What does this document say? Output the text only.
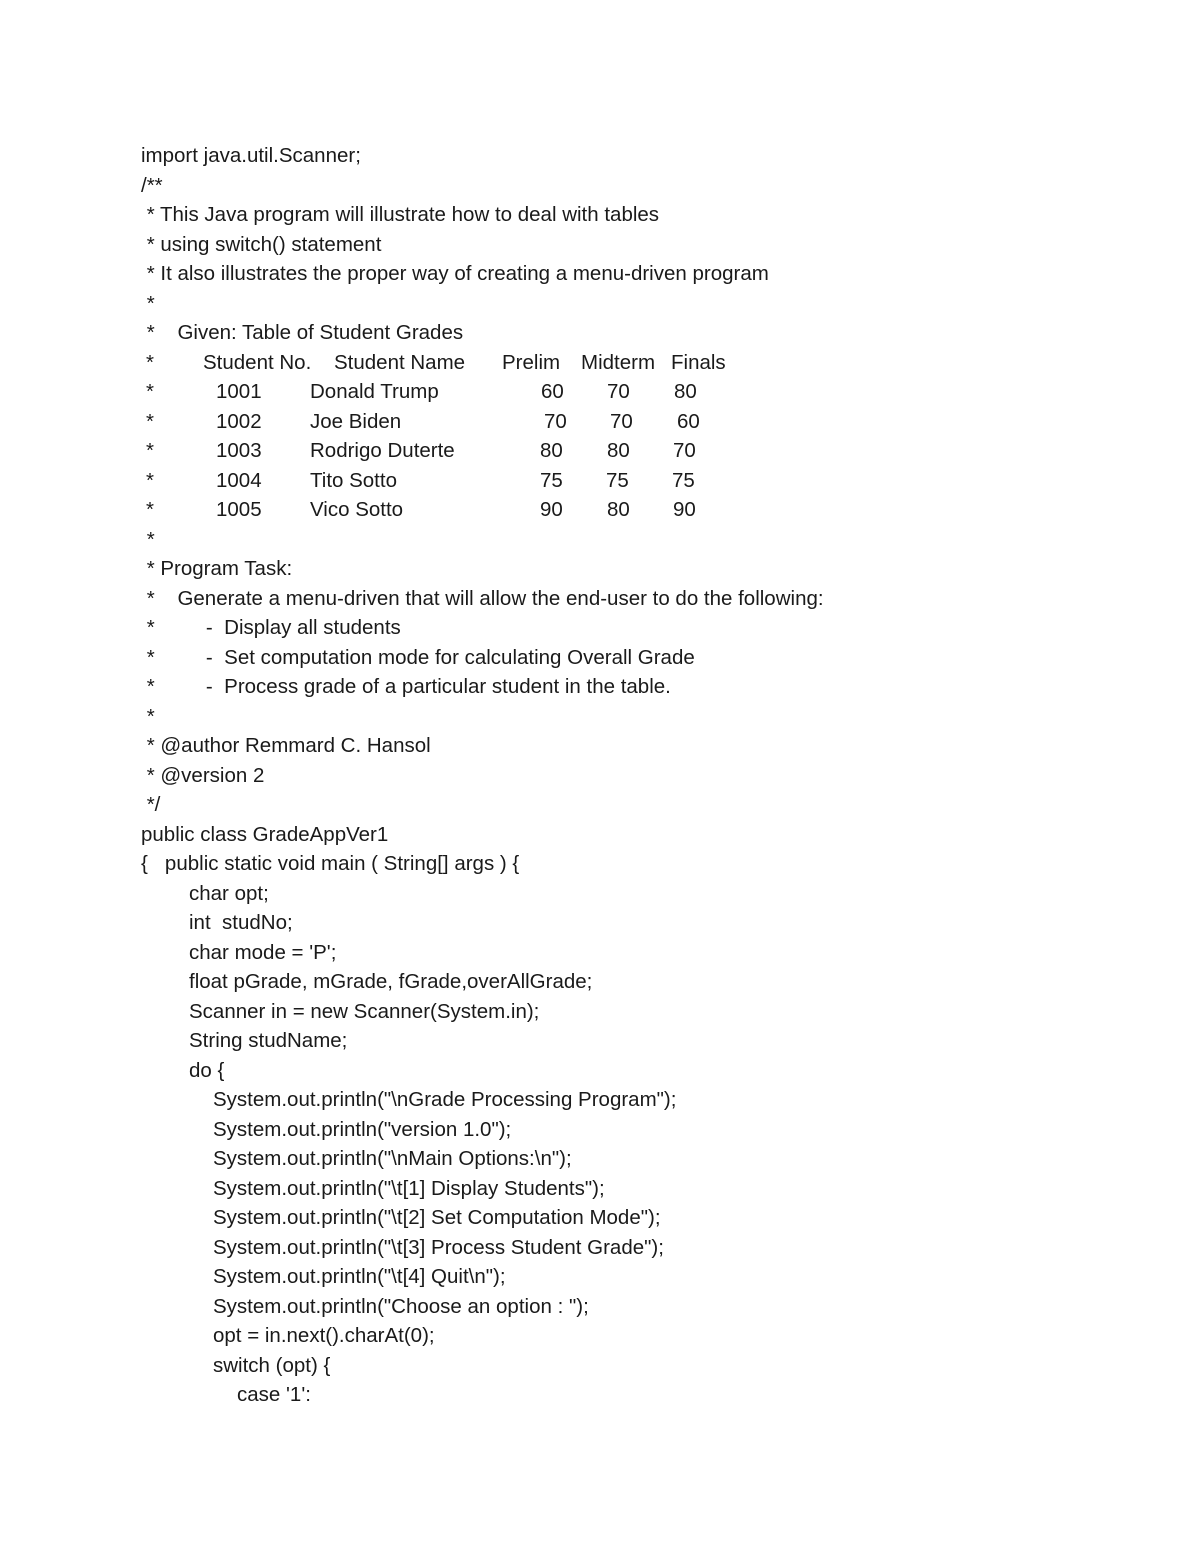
import java.util.Scanner;
/**
* This Java program will illustrate how to deal with tables
* using switch() statement
* It also illustrates the proper way of creating a menu-driven program
*
*    Given: Table of Student Grades
* Student No. Student Name Prelim Midterm Finals
*	1001 Donald Trump	60 70 80
*	1002 Joe Biden	70 70 60
*	1003 Rodrigo Duterte	80 80 70
*	1004 Tito Sotto	75 75 75
*	1005 Vico Sotto	90 80 90
*
* Program Task:
*    Generate a menu-driven that will allow the end-user to do the following:
*         -  Display all students
*         -  Set computation mode for calculating Overall Grade
*         -  Process grade of a particular student in the table.
*
* @author Remmard C. Hansol
* @version 2
*/
public class GradeAppVer1
{   public static void main ( String[] args ) {
char opt;
int  studNo;
char mode = 'P';
float pGrade, mGrade, fGrade,overAllGrade;
Scanner in = new Scanner(System.in);
String studName;
do {
System.out.println("\nGrade Processing Program");
System.out.println("version 1.0");
System.out.println("\nMain Options:\n");
System.out.println("\t[1] Display Students");
System.out.println("\t[2] Set Computation Mode");
System.out.println("\t[3] Process Student Grade");
System.out.println("\t[4] Quit\n");
System.out.println("Choose an option : ");
opt = in.next().charAt(0);
switch (opt) {
case '1':
